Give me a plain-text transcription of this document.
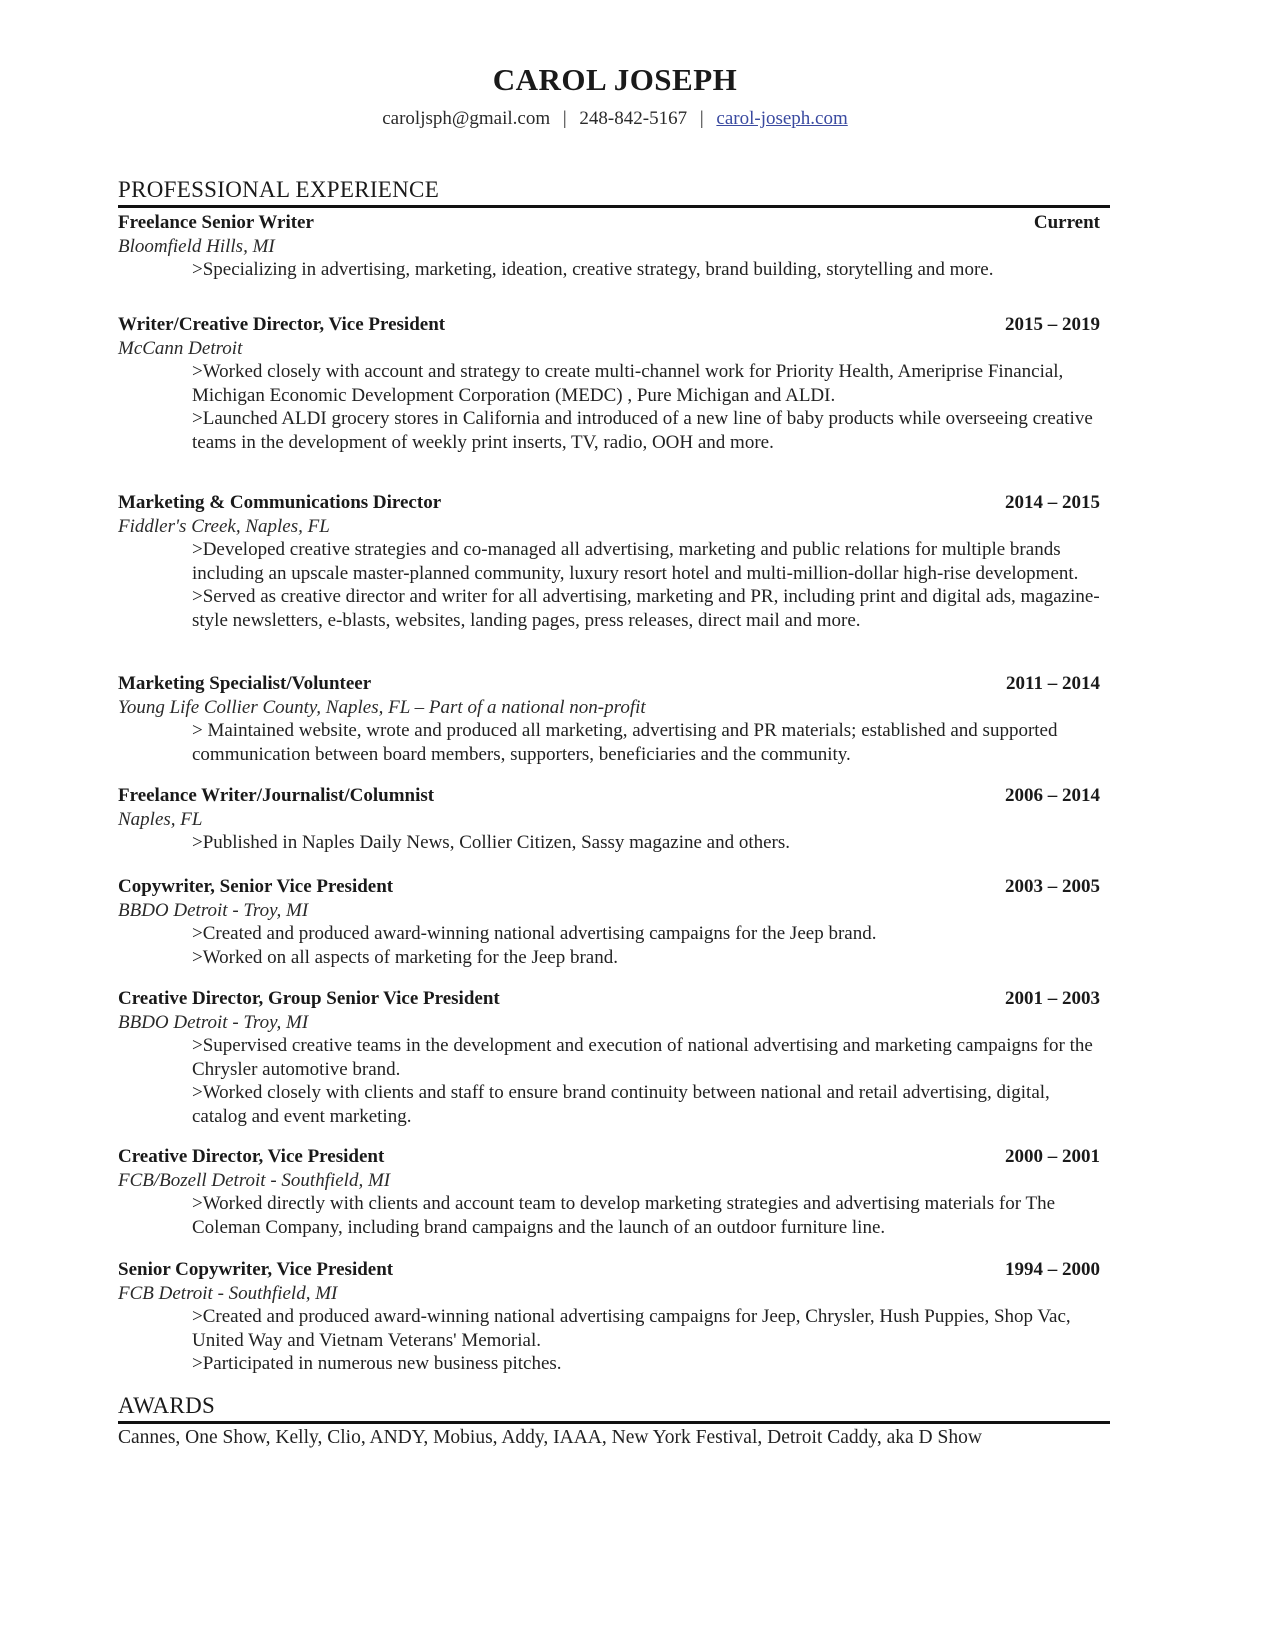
CAROL JOSEPH
caroljsph@gmail.com | 248-842-5167 | carol-joseph.com
PROFESSIONAL EXPERIENCE
Freelance Senior Writer	Current
Bloomfield Hills, MI
>Specializing in advertising, marketing, ideation, creative strategy, brand building, storytelling and more.
Writer/Creative Director, Vice President	2015 – 2019
McCann Detroit
>Worked closely with account and strategy to create multi-channel work for Priority Health, Ameriprise Financial, Michigan Economic Development Corporation (MEDC) , Pure Michigan and ALDI.
>Launched ALDI grocery stores in California and introduced of a new line of baby products while overseeing creative teams in the development of weekly print inserts, TV, radio, OOH and more.
Marketing & Communications Director	2014 – 2015
Fiddler's Creek, Naples, FL
>Developed creative strategies and co-managed all advertising, marketing and public relations for multiple brands including an upscale master-planned community, luxury resort hotel and multi-million-dollar high-rise development.
>Served as creative director and writer for all advertising, marketing and PR, including print and digital ads, magazine-style newsletters, e-blasts, websites, landing pages, press releases, direct mail and more.
Marketing Specialist/Volunteer	2011 – 2014
Young Life Collier County, Naples, FL – Part of a national non-profit
> Maintained website, wrote and produced all marketing, advertising and PR materials; established and supported communication between board members, supporters, beneficiaries and the community.
Freelance Writer/Journalist/Columnist	2006 – 2014
Naples, FL
>Published in Naples Daily News, Collier Citizen, Sassy magazine and others.
Copywriter, Senior Vice President	2003 – 2005
BBDO Detroit - Troy, MI
>Created and produced award-winning national advertising campaigns for the Jeep brand.
>Worked on all aspects of marketing for the Jeep brand.
Creative Director, Group Senior Vice President	2001 – 2003
BBDO Detroit - Troy, MI
>Supervised creative teams in the development and execution of national advertising and marketing campaigns for the Chrysler automotive brand.
>Worked closely with clients and staff to ensure brand continuity between national and retail advertising, digital, catalog and event marketing.
Creative Director, Vice President	2000 – 2001
FCB/Bozell Detroit - Southfield, MI
>Worked directly with clients and account team to develop marketing strategies and advertising materials for The Coleman Company, including brand campaigns and the launch of an outdoor furniture line.
Senior Copywriter, Vice President	1994 – 2000
FCB Detroit - Southfield, MI
>Created and produced award-winning national advertising campaigns for Jeep, Chrysler, Hush Puppies, Shop Vac, United Way and Vietnam Veterans' Memorial.
>Participated in numerous new business pitches.
AWARDS
Cannes, One Show, Kelly, Clio, ANDY, Mobius, Addy, IAAA, New York Festival, Detroit Caddy, aka D Show
